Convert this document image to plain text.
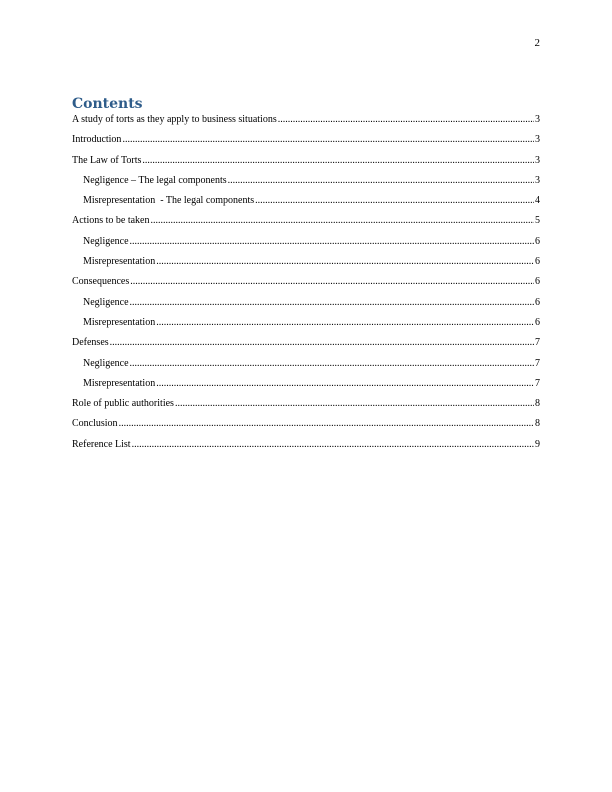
2
Contents
A study of torts as they apply to business situations .....	3
Introduction .....	3
The Law of Torts .....	3
Negligence – The legal components .....	3
Misrepresentation  - The legal components .....	4
Actions to be taken .....	5
Negligence .....	6
Misrepresentation .....	6
Consequences .....	6
Negligence .....	6
Misrepresentation .....	6
Defenses .....	7
Negligence .....	7
Misrepresentation .....	7
Role of public authorities .....	8
Conclusion .....	8
Reference List .....	9
